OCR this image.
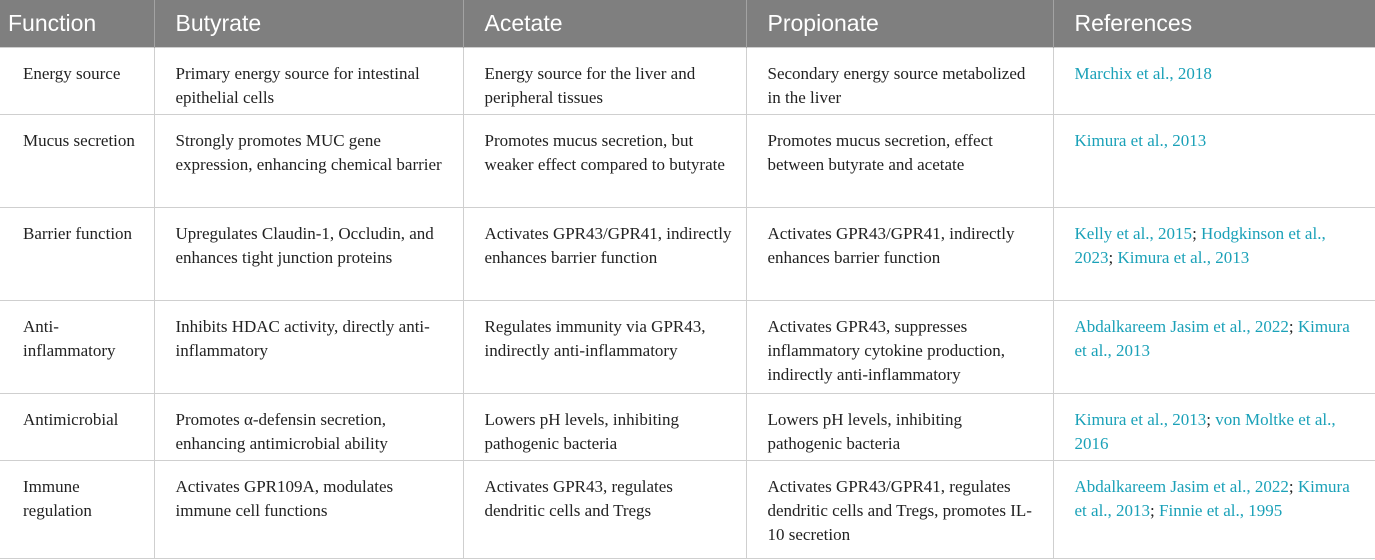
Function	Butyrate	Acetate	Propionate	References
Energy source	Primary energy source for intestinal epithelial cells	Energy source for the liver and peripheral tissues	Secondary energy source metabolized in the liver	Marchix et al., 2018
Mucus secretion	Strongly promotes MUC gene expression, enhancing chemical barrier	Promotes mucus secretion, but weaker effect compared to butyrate	Promotes mucus secretion, effect between butyrate and acetate	Kimura et al., 2013
Barrier function	Upregulates Claudin-1, Occludin, and enhances tight junction proteins	Activates GPR43/GPR41, indirectly enhances barrier function	Activates GPR43/GPR41, indirectly enhances barrier function	Kelly et al., 2015; Hodgkinson et al., 2023; Kimura et al., 2013
Anti-inflammatory	Inhibits HDAC activity, directly anti-inflammatory	Regulates immunity via GPR43, indirectly anti-inflammatory	Activates GPR43, suppresses inflammatory cytokine production, indirectly anti-inflammatory	Abdalkareem Jasim et al., 2022; Kimura et al., 2013
Antimicrobial	Promotes α-defensin secretion, enhancing antimicrobial ability	Lowers pH levels, inhibiting pathogenic bacteria	Lowers pH levels, inhibiting pathogenic bacteria	Kimura et al., 2013; von Moltke et al., 2016
Immune regulation	Activates GPR109A, modulates immune cell functions	Activates GPR43, regulates dendritic cells and Tregs	Activates GPR43/GPR41, regulates dendritic cells and Tregs, promotes IL-10 secretion	Abdalkareem Jasim et al., 2022; Kimura et al., 2013; Finnie et al., 1995
